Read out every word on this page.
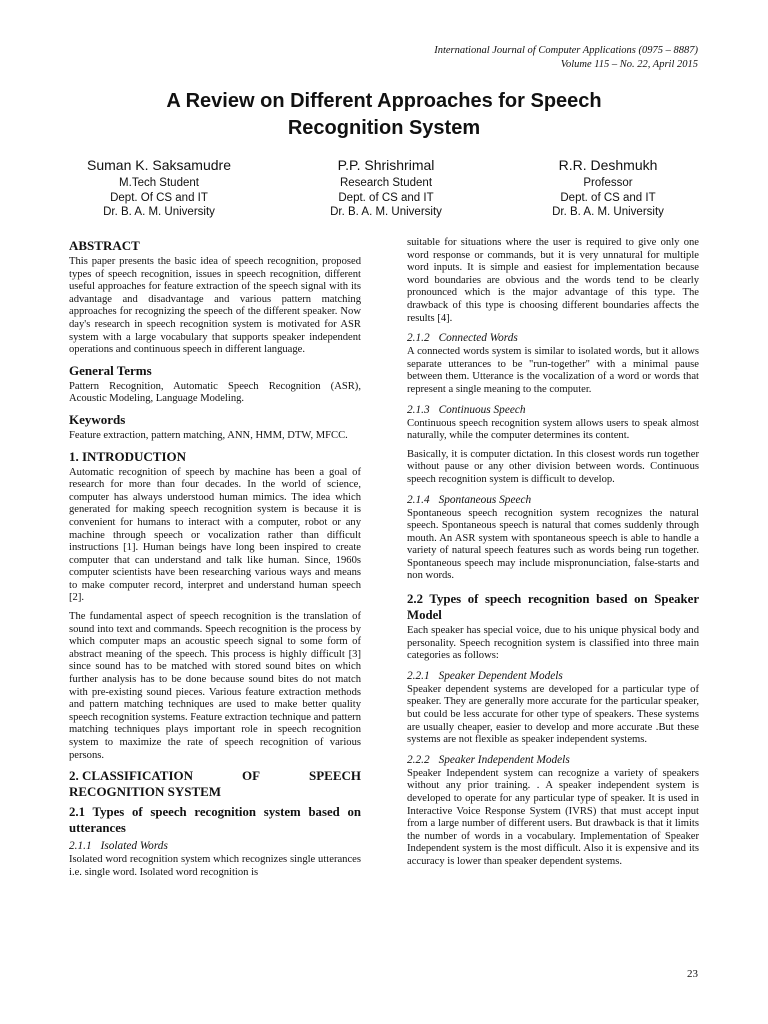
International Journal of Computer Applications (0975 – 8887)
Volume 115 – No. 22, April 2015
A Review on Different Approaches for Speech
Recognition System
Suman K. Saksamudre
M.Tech Student
Dept. Of CS and IT
Dr. B. A. M. University
P.P. Shrishrimal
Research Student
Dept. of CS and IT
Dr. B. A. M. University
R.R. Deshmukh
Professor
Dept. of CS and IT
Dr. B. A. M. University
ABSTRACT

This paper presents the basic idea of speech recognition, proposed types of speech recognition, issues in speech recognition, different useful approaches for feature extraction of the speech signal with its advantage and disadvantage and various pattern matching approaches for recognizing the speech of the different speaker. Now day's research in speech recognition system is motivated for ASR system with a large vocabulary that supports speaker independent operations and continuous speech in different language.

General Terms

Pattern Recognition, Automatic Speech Recognition (ASR), Acoustic Modeling, Language Modeling.

Keywords

Feature extraction, pattern matching, ANN, HMM, DTW, MFCC.

1. INTRODUCTION

Automatic recognition of speech by machine has been a goal of research for more than four decades. In the world of science, computer has always understood human mimics. The idea which generated for making speech recognition system is because it is convenient for humans to interact with a computer, robot or any machine through speech or vocalization rather than difficult instructions [1]. Human beings have long been inspired to create computer that can understand and talk like human. Since, 1960s computer scientists have been researching various ways and means to make computer record, interpret and understand human speech [2].

The fundamental aspect of speech recognition is the translation of sound into text and commands. Speech recognition is the process by which computer maps an acoustic speech signal to some form of abstract meaning of the speech. This process is highly difficult [3] since sound has to be matched with stored sound bites on which further analysis has to be done because sound bites do not match with pre-existing sound pieces. Various feature extraction methods and pattern matching techniques are used to make better quality speech recognition systems. Feature extraction technique and pattern matching techniques plays important role in speech recognition system to maximize the rate of speech recognition of various persons.

2. CLASSIFICATION	OF	SPEECH
RECOGNITION SYSTEM
2.1 Types of speech recognition system based on utterances
2.1.1 Isolated Words

Isolated word recognition system which recognizes single utterances i.e. single word. Isolated word recognition is

suitable for situations where the user is required to give only one word response or commands, but it is very unnatural for multiple word inputs. It is simple and easiest for implementation because word boundaries are obvious and the words tend to be clearly pronounced which is the major advantage of this type. The drawback of this type is choosing different boundaries affects the results [4].

2.1.2 Connected Words

A connected words system is similar to isolated words, but it allows separate utterances to be "run-together" with a minimal pause between them. Utterance is the vocalization of a word or words that represent a single meaning to the computer.

2.1.3 Continuous Speech

Continuous speech recognition system allows users to speak almost naturally, while the computer determines its content.

Basically, it is computer dictation. In this closest words run together without pause or any other division between words. Continuous speech recognition system is difficult to develop.

2.1.4 Spontaneous Speech

Spontaneous speech recognition system recognizes the natural speech. Spontaneous speech is natural that comes suddenly through mouth. An ASR system with spontaneous speech is able to handle a variety of natural speech features such as words being run together. Spontaneous speech may include mispronunciation, false-starts and non words.

2.2 Types of speech recognition based on Speaker Model

Each speaker has special voice, due to his unique physical body and personality. Speech recognition system is classified into three main categories as follows:

2.2.1 Speaker Dependent Models

Speaker dependent systems are developed for a particular type of speaker. They are generally more accurate for the particular speaker, but could be less accurate for other type of speakers. These systems are usually cheaper, easier to develop and more accurate .But these systems are not flexible as speaker independent systems.

2.2.2 Speaker Independent Models

Speaker Independent system can recognize a variety of speakers without any prior training. . A speaker independent system is developed to operate for any particular type of speaker. It is used in Interactive Voice Response System (IVRS) that must accept input from a large number of different users. But drawback is that it limits the number of words in a vocabulary. Implementation of Speaker Independent system is the most difficult. Also it is expensive and its accuracy is lower than speaker dependent systems.

23
